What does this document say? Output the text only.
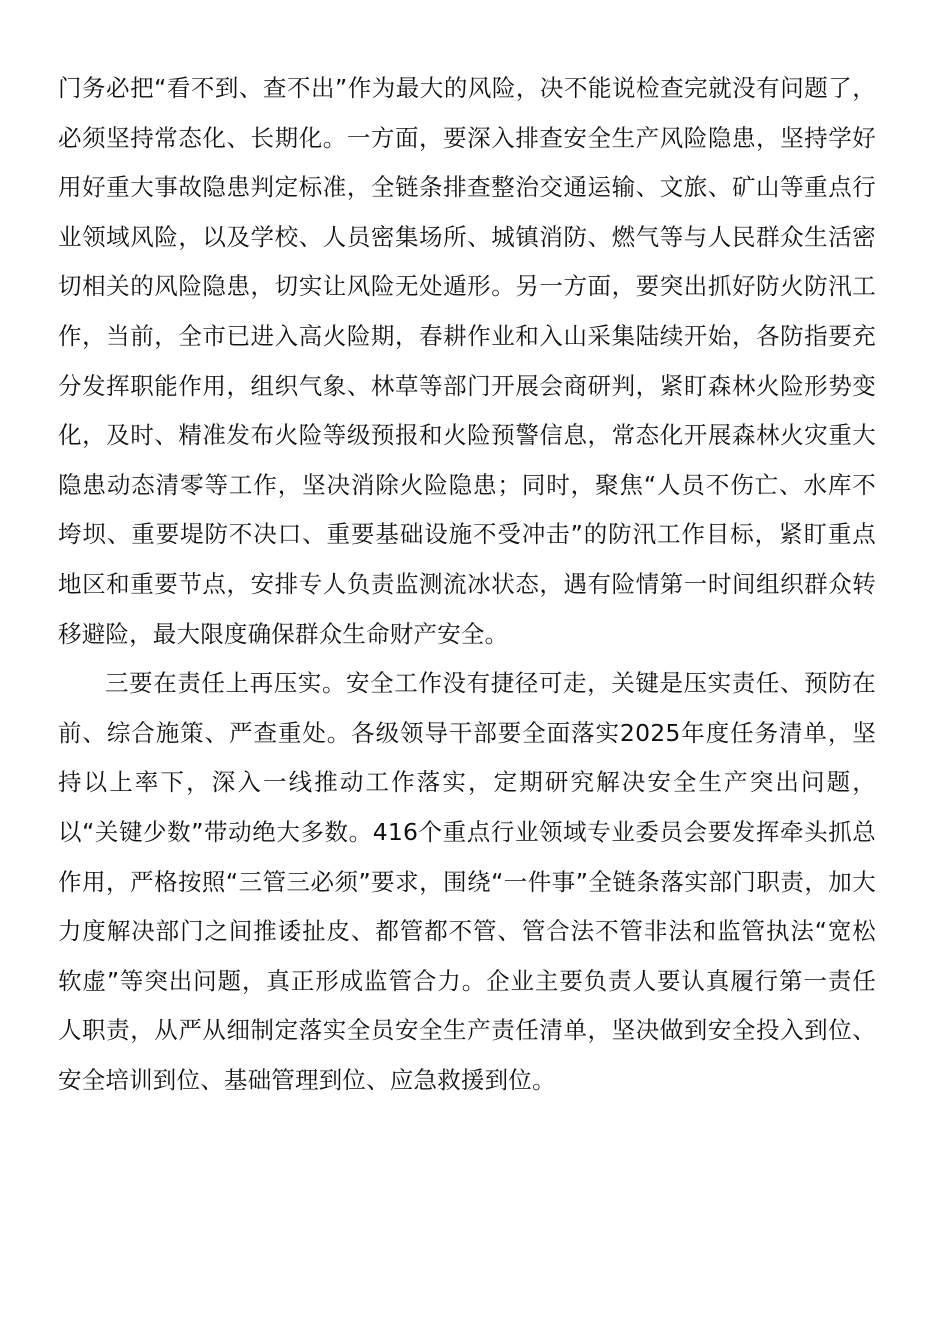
门务必把“看不到、查不出”作为最大的风险，决不能说检查完就没有问题了，必须坚持常态化、长期化。一方面，要深入排查安全生产风险隐患，坚持学好用好重大事故隐患判定标准，全链条排查整治交通运输、文旅、矿山等重点行业领域风险，以及学校、人员密集场所、城镇消防、燃气等与人民群众生活密切相关的风险隐患，切实让风险无处遁形。另一方面，要突出抓好防火防汛工作，当前，全市已进入高火险期，春耕作业和入山采集陆续开始，各防指要充分发挥职能作用，组织气象、林草等部门开展会商研判，紧盯森林火险形势变化，及时、精准发布火险等级预报和火险预警信息，常态化开展森林火灾重大隐患动态清零等工作，坚决消除火险隐患；同时，聚焦“人员不伤亡、水库不垮坝、重要堤防不决口、重要基础设施不受冲击”的防汛工作目标，紧盯重点地区和重要节点，安排专人负责监测流冰状态，遇有险情第一时间组织群众转移避险，最大限度确保群众生命财产安全。

三要在责任上再压实。安全工作没有捷径可走，关键是压实责任、预防在前、综合施策、严查重处。各级领导干部要全面落实2025年度任务清单，坚持以上率下，深入一线推动工作落实，定期研究解决安全生产突出问题，以“关键少数”带动绝大多数。416个重点行业领域专业委员会要发挥牵头抓总作用，严格按照“三管三必须”要求，围绕“一件事”全链条落实部门职责，加大力度解决部门之间推诿扯皮、都管都不管、管合法不管非法和监管执法“宽松软虚”等突出问题，真正形成监管合力。企业主要负责人要认真履行第一责任人职责，从严从细制定落实全员安全生产责任清单，坚决做到安全投入到位、安全培训到位、基础管理到位、应急救援到位。
